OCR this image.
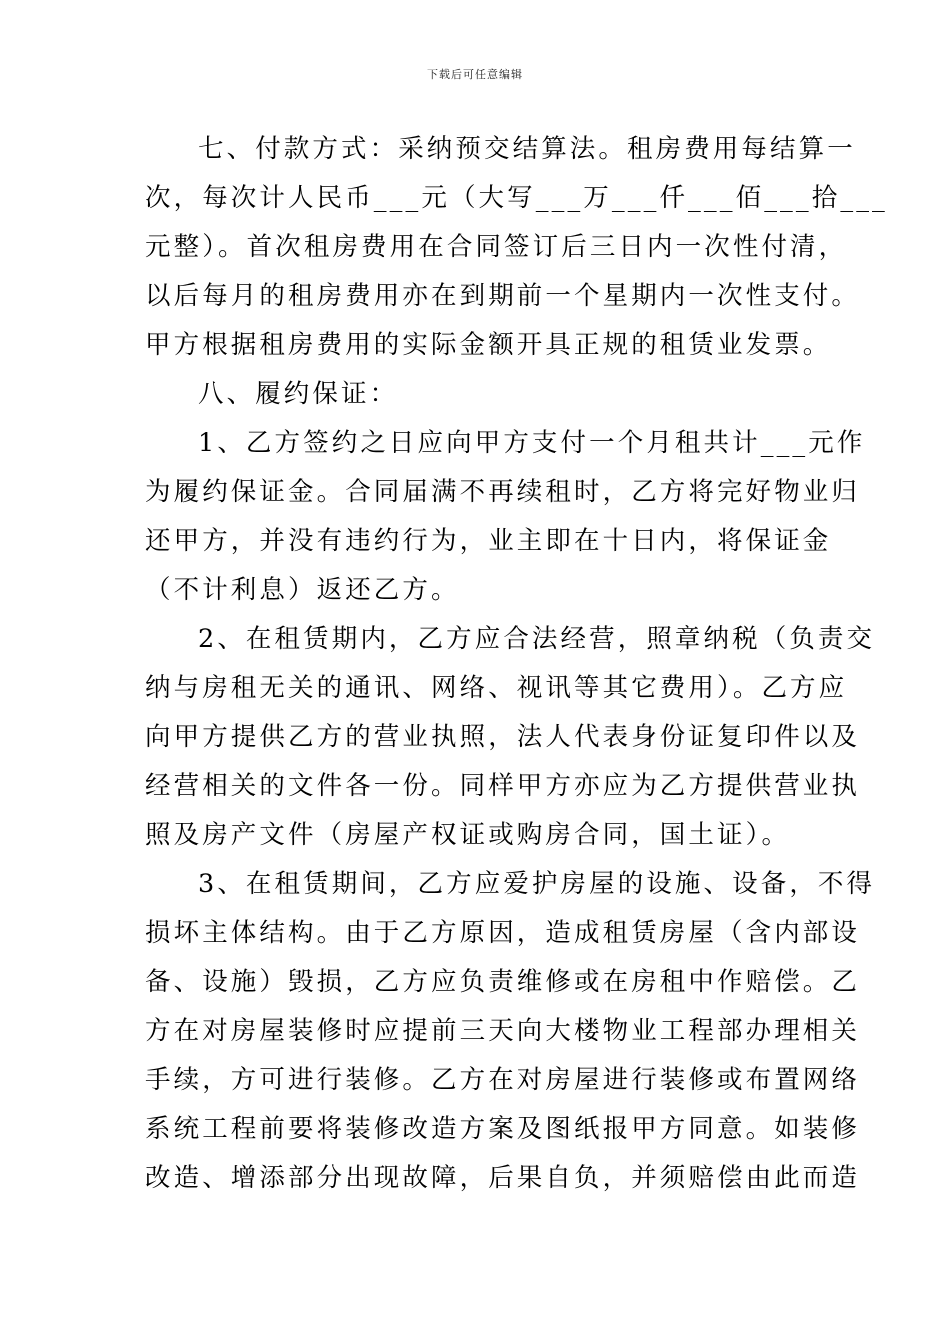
下载后可任意编辑
七、付款方式：采纳预交结算法。租房费用每结算一
次，每次计人民币___元（大写___万___仟___佰___拾___
元整）。首次租房费用在合同签订后三日内一次性付清，
以后每月的租房费用亦在到期前一个星期内一次性支付。
甲方根据租房费用的实际金额开具正规的租赁业发票。
八、履约保证：
1、乙方签约之日应向甲方支付一个月租共计___元作
为履约保证金。合同届满不再续租时，乙方将完好物业归
还甲方，并没有违约行为，业主即在十日内，将保证金
（不计利息）返还乙方。
2、在租赁期内，乙方应合法经营，照章纳税（负责交
纳与房租无关的通讯、网络、视讯等其它费用）。乙方应
向甲方提供乙方的营业执照，法人代表身份证复印件以及
经营相关的文件各一份。同样甲方亦应为乙方提供营业执
照及房产文件（房屋产权证或购房合同，国土证）。
3、在租赁期间，乙方应爱护房屋的设施、设备，不得
损坏主体结构。由于乙方原因，造成租赁房屋（含内部设
备、设施）毁损，乙方应负责维修或在房租中作赔偿。乙
方在对房屋装修时应提前三天向大楼物业工程部办理相关
手续，方可进行装修。乙方在对房屋进行装修或布置网络
系统工程前要将装修改造方案及图纸报甲方同意。如装修
改造、增添部分出现故障，后果自负，并须赔偿由此而造
